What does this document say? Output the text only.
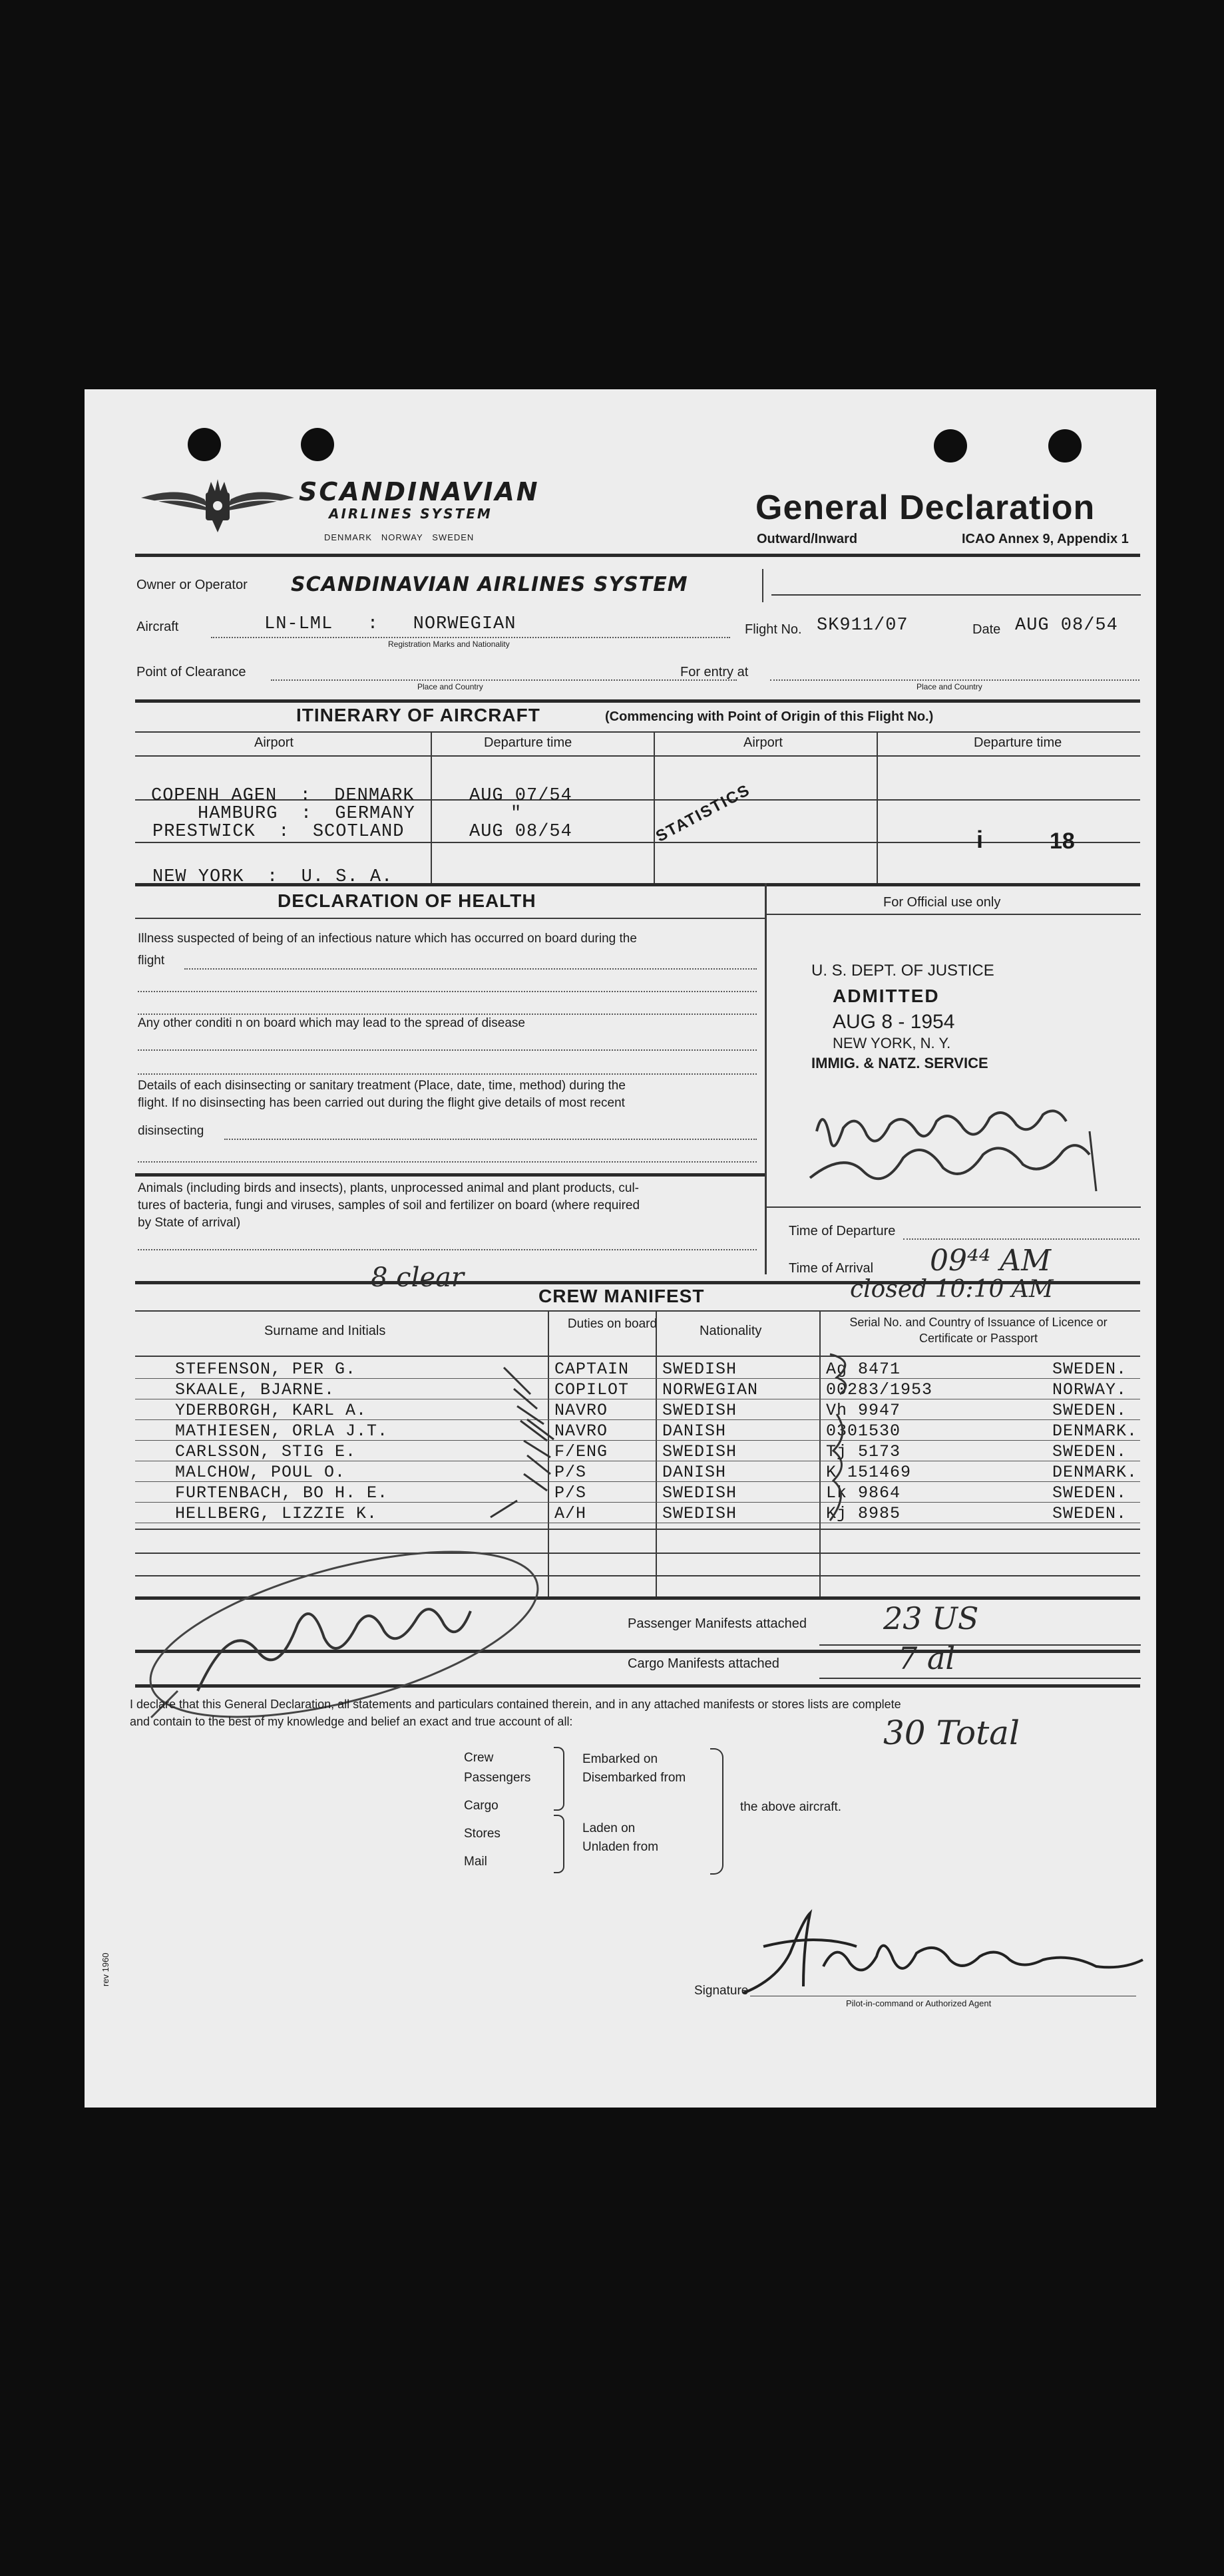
SCANDINAVIAN
AIRLINES SYSTEM
DENMARK   NORWAY   SWEDEN
General Declaration
Outward/Inward	ICAO Annex 9, Appendix 1
Owner or Operator SCANDINAVIAN AIRLINES SYSTEM
Aircraft	LN-LML   :   NORWEGIAN
Registration Marks and Nationality
Flight No. SK911/07	Date AUG 08/54
Point of Clearance
Place and Country
For entry at
Place and Country
ITINERARY OF AIRCRAFT	(Commencing with Point of Origin of this Flight No.)
Airport	Departure time	Airport	Departure time
COPENH AGEN  :  DENMARK	AUG 07/54
HAMBURG  :  GERMANY	"
PRESTWICK  :  SCOTLAND	AUG 08/54
NEW YORK  :  U. S. A.
STATISTICS	i	18
DECLARATION OF HEALTH
Illness suspected of being of an infectious nature which has occurred on board during the
flight
Any other conditi n on board which may lead to the spread of disease
Details of each disinsecting or sanitary treatment (Place, date, time, method) during the
flight. If no disinsecting has been carried out during the flight give details of most recent
disinsecting
Animals (including birds and insects), plants, unprocessed animal and plant products, cul-
tures of bacteria, fungi and viruses, samples of soil and fertilizer on board (where required
by State of arrival)
For Official use only
U. S. DEPT. OF JUSTICE
ADMITTED
AUG 8 - 1954
NEW YORK, N. Y.
IMMIG. & NATZ. SERVICE
Time of Departure
Time of Arrival 09⁴⁴ AM
8 clear
CREW MANIFEST	closed 10:10 AM
Surname and Initials	Duties on board	Nationality
Serial No. and Country of Issuance of Licence or Certificate or Passport
STEFENSON, PER G.	CAPTAIN SWEDISH	Ag 8471	SWEDEN.
SKAALE, BJARNE.	COPILOT NORWEGIAN	00283/1953	NORWAY.
YDERBORGH, KARL A.	NAVRO	SWEDISH	Vh 9947	SWEDEN.
MATHIESEN, ORLA J.T.	NAVRO	DANISH	0301530	DENMARK.
CARLSSON, STIG E.	F/ENG	SWEDISH	Tj 5173	SWEDEN.
MALCHOW, POUL O.	P/S	DANISH	K 151469	DENMARK.
FURTENBACH, BO H. E.	P/S	SWEDISH	Lk 9864	SWEDEN.
HELLBERG, LIZZIE K.	A/H	SWEDISH	Kj 8985	SWEDEN.
Passenger Manifests attached 23 US
Cargo Manifests attached	7 al
I declare that this General Declaration, all statements and particulars contained therein, and in any attached manifests or stores lists are complete
and contain to the best of my knowledge and belief an exact and true account of all:	30 Total
Crew
Passengers
Cargo
Stores
Mail
Embarked on
Disembarked from
Laden on
Unladen from
the above aircraft.
rev 1960
Signature
Pilot-in-command or Authorized Agent
